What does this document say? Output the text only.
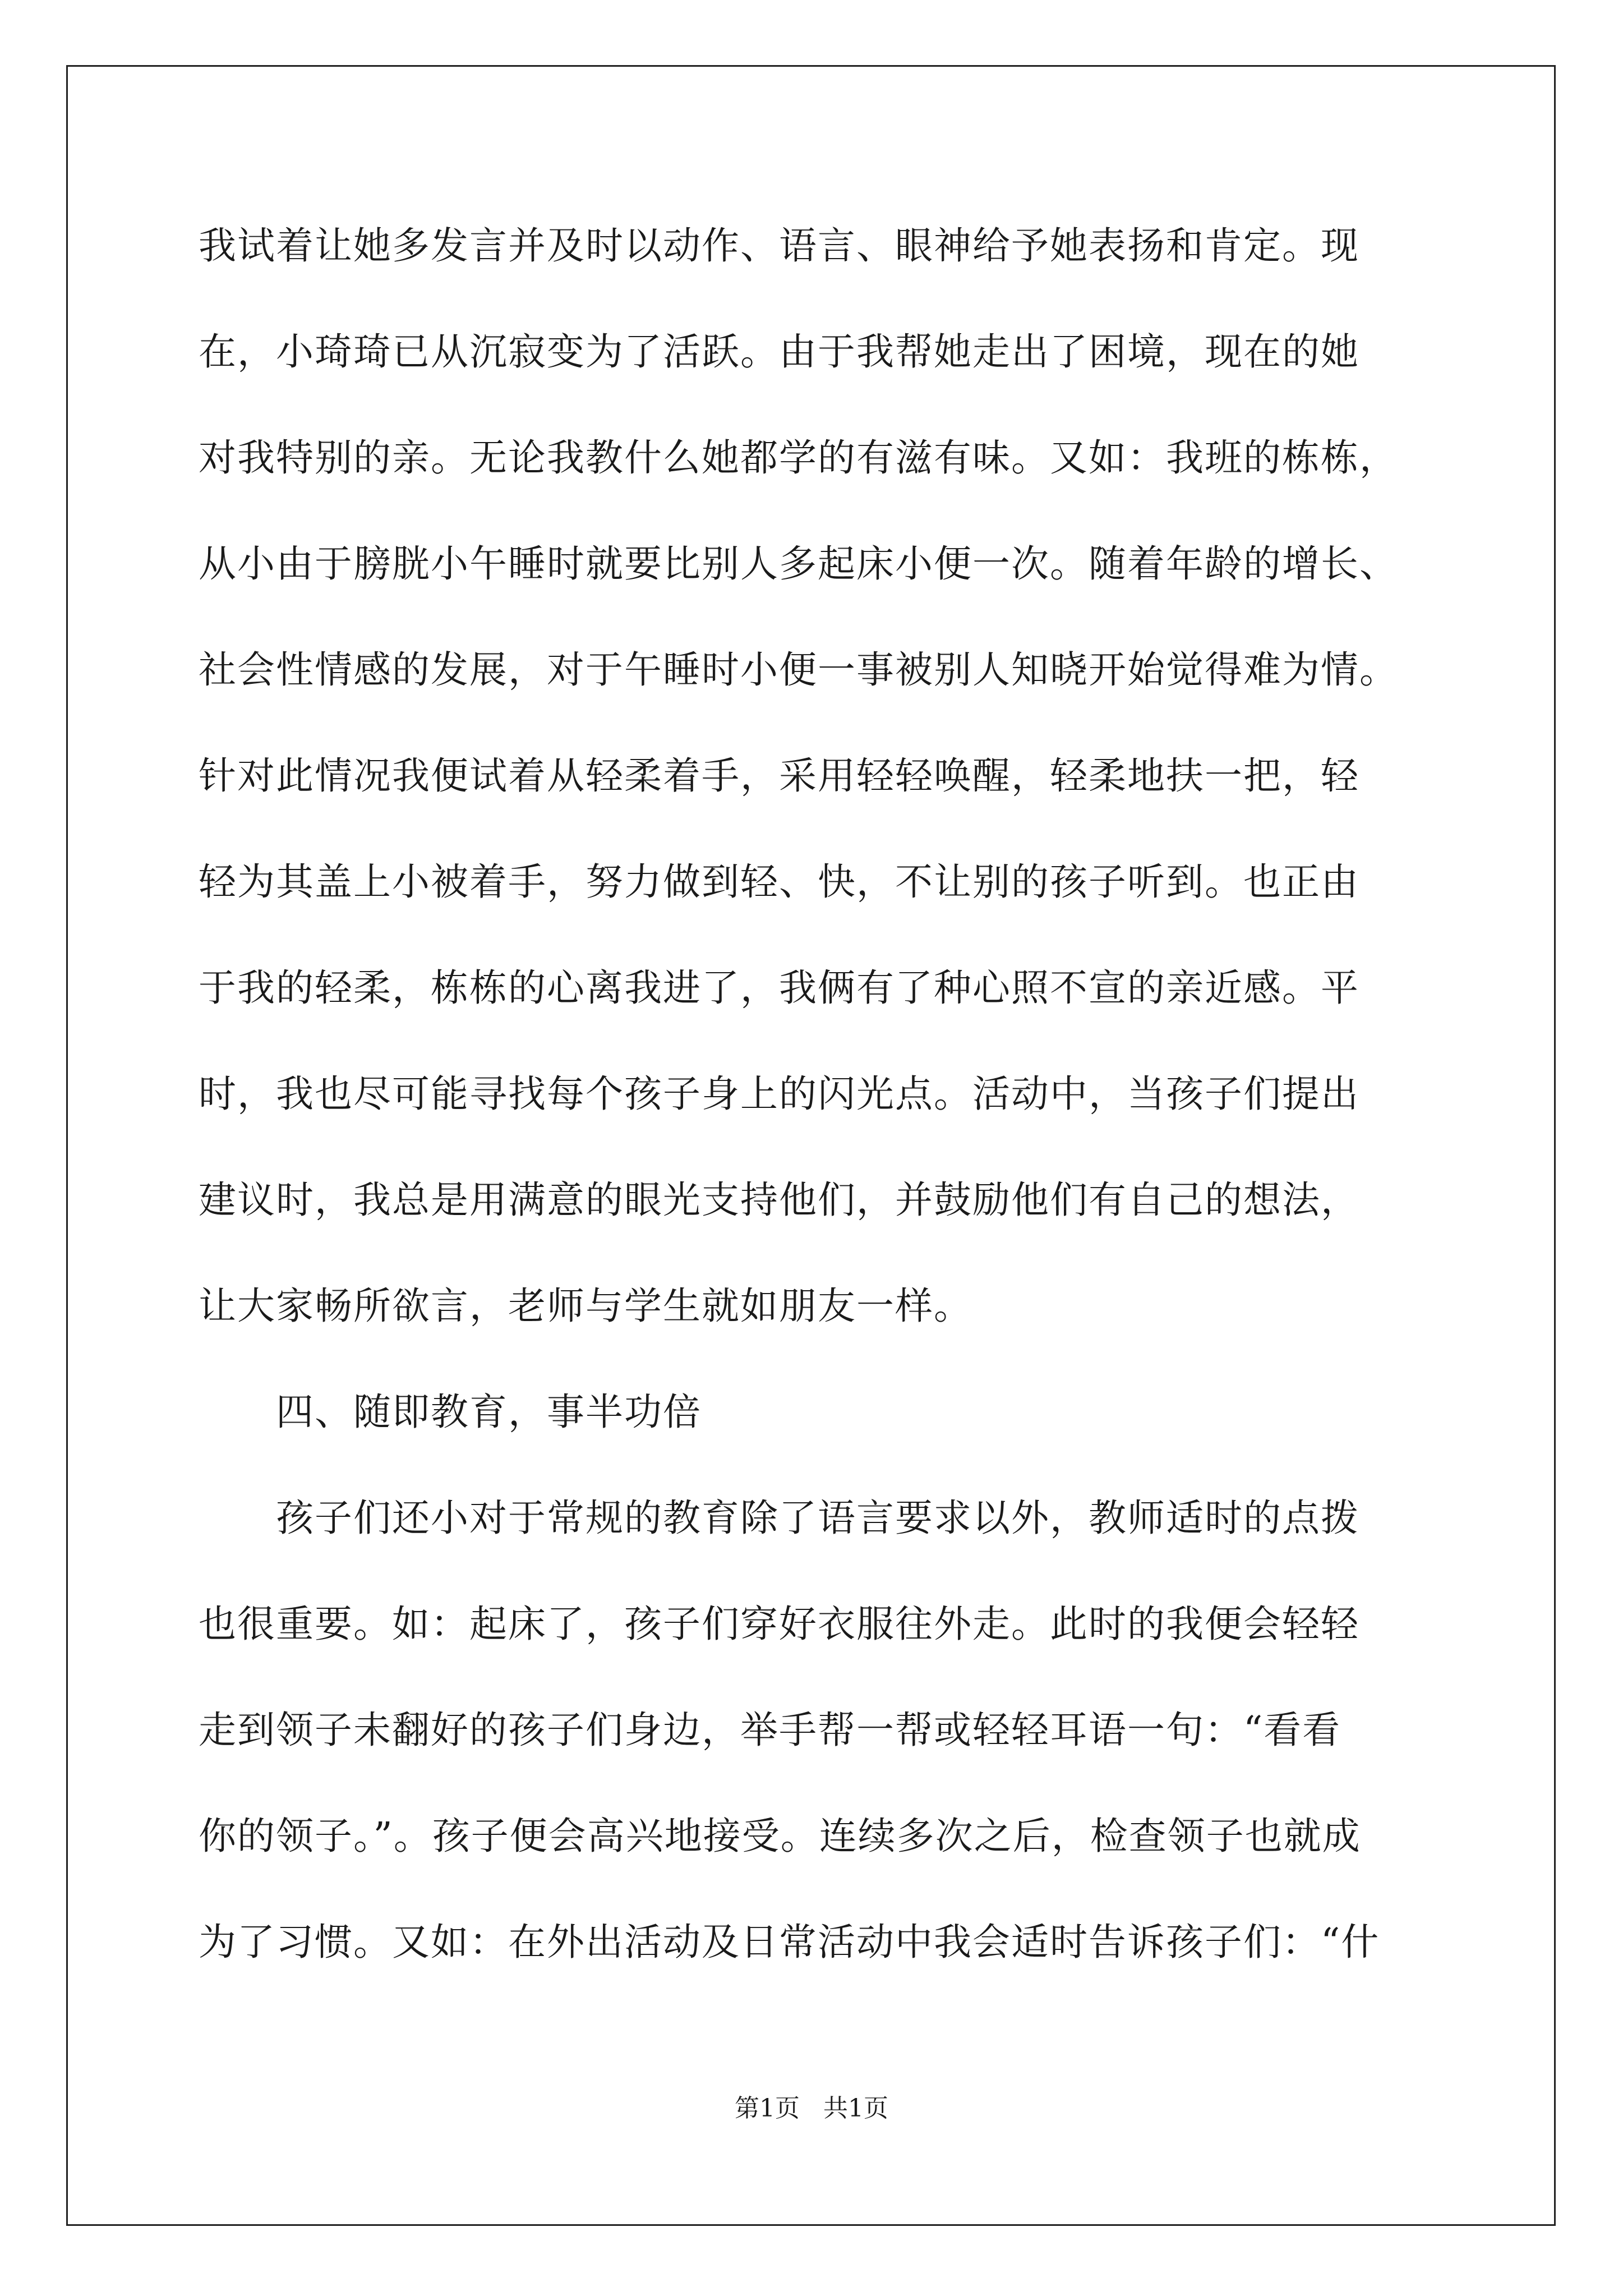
我试着让她多发言并及时以动作、语言、眼神给予她表扬和肯定。现
在，小琦琦已从沉寂变为了活跃。由于我帮她走出了困境，现在的她
对我特别的亲。无论我教什么她都学的有滋有味。又如：我班的栋栋，
从小由于膀胱小午睡时就要比别人多起床小便一次。随着年龄的增长、
社会性情感的发展，对于午睡时小便一事被别人知晓开始觉得难为情。
针对此情况我便试着从轻柔着手，采用轻轻唤醒，轻柔地扶一把，轻
轻为其盖上小被着手，努力做到轻、快，不让别的孩子听到。也正由
于我的轻柔，栋栋的心离我进了，我俩有了种心照不宣的亲近感。平
时，我也尽可能寻找每个孩子身上的闪光点。活动中，当孩子们提出
建议时，我总是用满意的眼光支持他们，并鼓励他们有自己的想法，
让大家畅所欲言，老师与学生就如朋友一样。
四、随即教育，事半功倍
孩子们还小对于常规的教育除了语言要求以外，教师适时的点拨
也很重要。如：起床了，孩子们穿好衣服往外走。此时的我便会轻轻
走到领子未翻好的孩子们身边，举手帮一帮或轻轻耳语一句：“看看
你的领子。”。孩子便会高兴地接受。连续多次之后，检查领子也就成
为了习惯。又如：在外出活动及日常活动中我会适时告诉孩子们：“什
第1页 共1页
